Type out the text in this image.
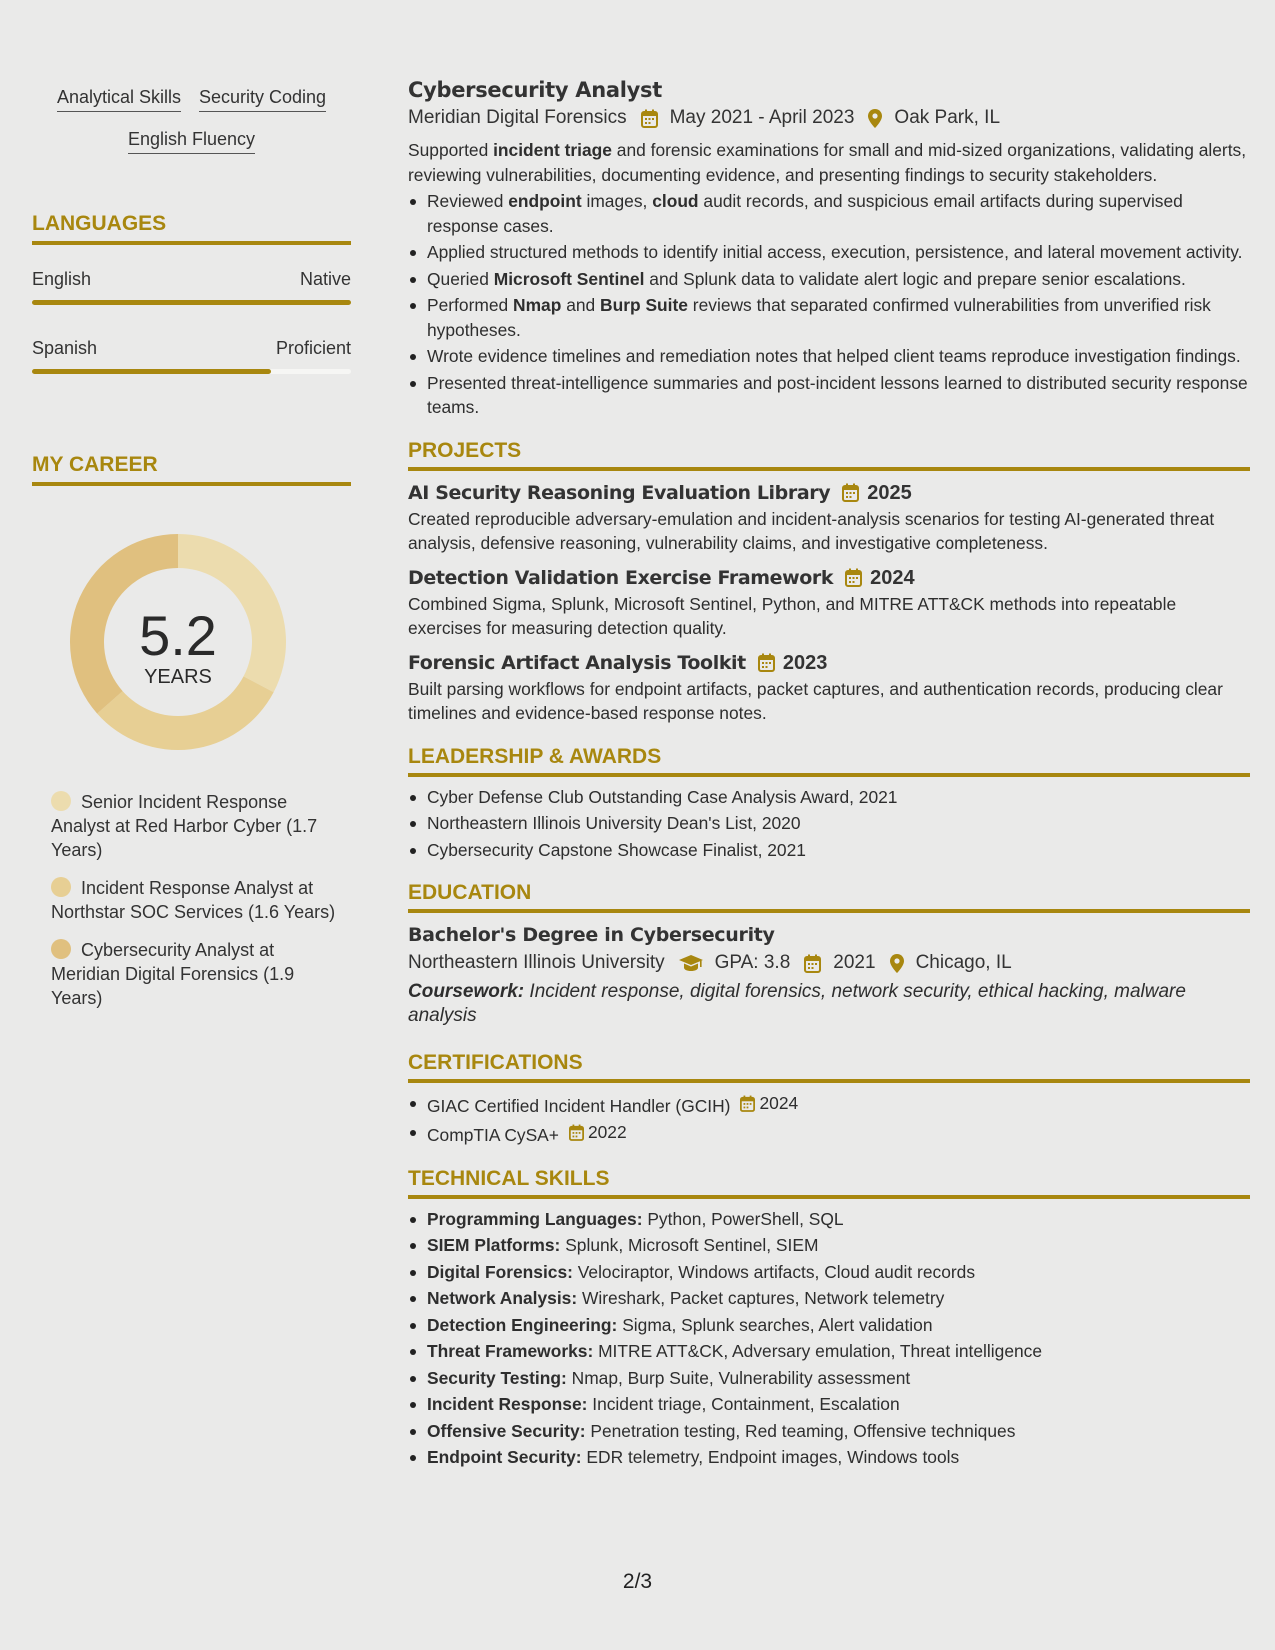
Analytical Skills Security Coding
English Fluency
LANGUAGES
English	Native
Spanish	Proficient
MY CAREER
5.2
YEARS
Senior Incident Response Analyst at Red Harbor Cyber (1.7 Years)
Incident Response Analyst at Northstar SOC Services (1.6 Years)
Cybersecurity Analyst at Meridian Digital Forensics (1.9 Years)
Cybersecurity Analyst
Meridian Digital Forensics May 2021 - April 2023 Oak Park, IL

Supported incident triage and forensic examinations for small and mid-sized organizations, validating alerts, reviewing vulnerabilities, documenting evidence, and presenting findings to security stakeholders.

Reviewed endpoint images, cloud audit records, and suspicious email artifacts during supervised response cases.
Applied structured methods to identify initial access, execution, persistence, and lateral movement activity.
Queried Microsoft Sentinel and Splunk data to validate alert logic and prepare senior escalations.
Performed Nmap and Burp Suite reviews that separated confirmed vulnerabilities from unverified risk hypotheses.
Wrote evidence timelines and remediation notes that helped client teams reproduce investigation findings.
Presented threat-intelligence summaries and post-incident lessons learned to distributed security response teams.
PROJECTS
AI Security Reasoning Evaluation Library 2025

Created reproducible adversary-emulation and incident-analysis scenarios for testing AI-generated threat analysis, defensive reasoning, vulnerability claims, and investigative completeness.

Detection Validation Exercise Framework 2024

Combined Sigma, Splunk, Microsoft Sentinel, Python, and MITRE ATT&CK methods into repeatable exercises for measuring detection quality.

Forensic Artifact Analysis Toolkit 2023

Built parsing workflows for endpoint artifacts, packet captures, and authentication records, producing clear timelines and evidence-based response notes.

LEADERSHIP & AWARDS
Cyber Defense Club Outstanding Case Analysis Award, 2021
Northeastern Illinois University Dean's List, 2020
Cybersecurity Capstone Showcase Finalist, 2021
EDUCATION
Bachelor's Degree in Cybersecurity
Northeastern Illinois University	GPA: 3.8 2021 Chicago, IL

Coursework: Incident response, digital forensics, network security, ethical hacking, malware analysis

CERTIFICATIONS
GIAC Certified Incident Handler (GCIH) 2024
CompTIA CySA+ 2022
TECHNICAL SKILLS
Programming Languages: Python, PowerShell, SQL
SIEM Platforms: Splunk, Microsoft Sentinel, SIEM
Digital Forensics: Velociraptor, Windows artifacts, Cloud audit records
Network Analysis: Wireshark, Packet captures, Network telemetry
Detection Engineering: Sigma, Splunk searches, Alert validation
Threat Frameworks: MITRE ATT&CK, Adversary emulation, Threat intelligence
Security Testing: Nmap, Burp Suite, Vulnerability assessment
Incident Response: Incident triage, Containment, Escalation
Offensive Security: Penetration testing, Red teaming, Offensive techniques
Endpoint Security: EDR telemetry, Endpoint images, Windows tools
2/3
